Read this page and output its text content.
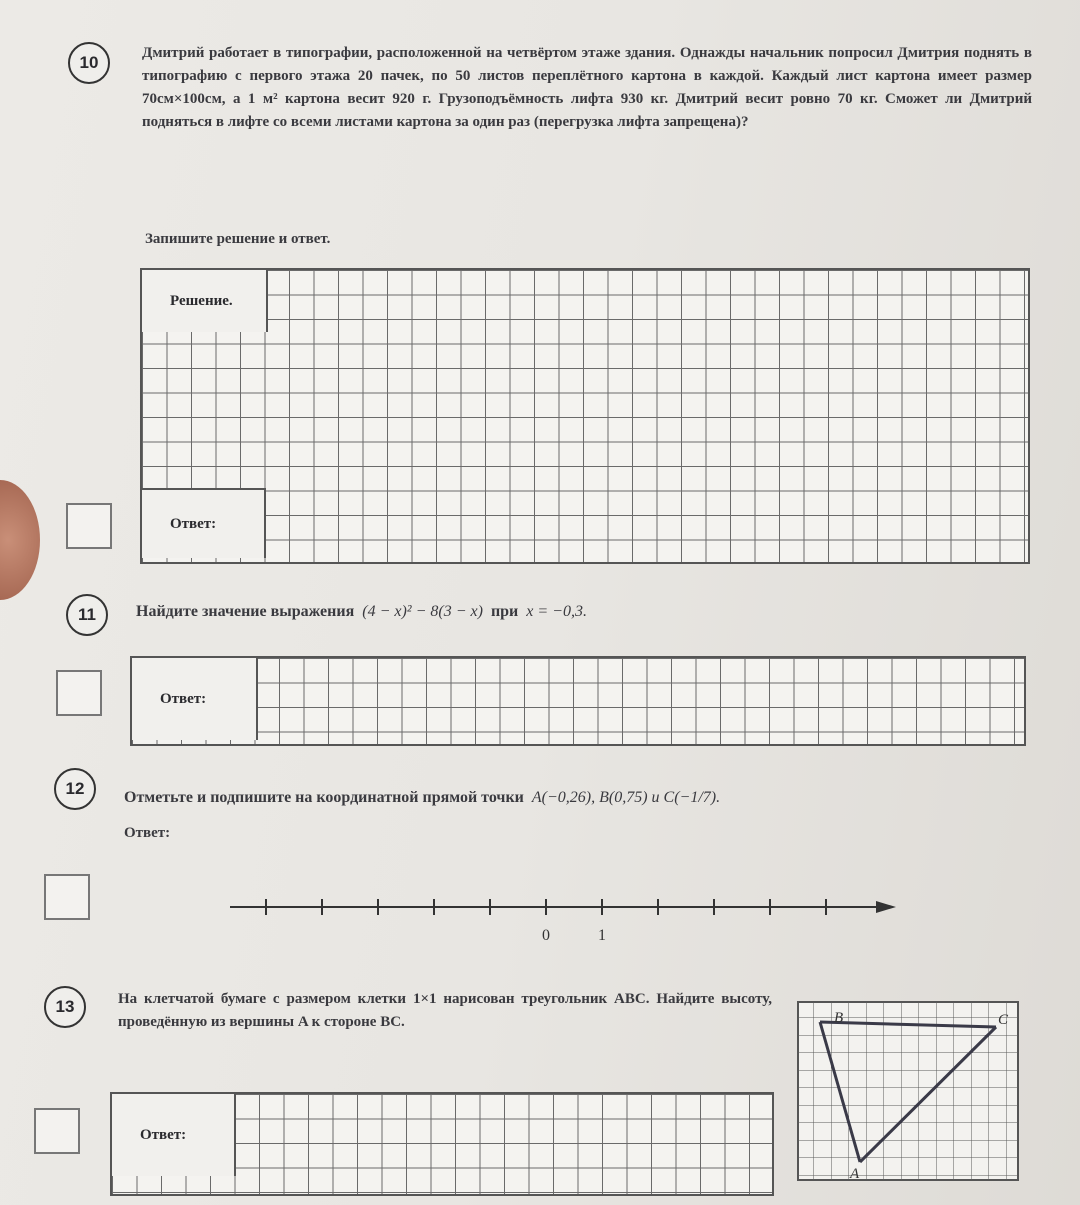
10	Дмитрий работает в типографии, расположенной на четвёртом этаже здания. Однажды начальник попросил Дмитрия поднять в типографию с первого этажа 20 пачек, по 50 листов переплётного картона в каждой. Каждый лист картона имеет размер 70см×100см, а 1 м² картона весит 920 г. Грузоподъёмность лифта 930 кг. Дмитрий весит ровно 70 кг. Сможет ли Дмитрий подняться в лифте со всеми листами картона за один раз (перегрузка лифта запрещена)?
Запишите решение и ответ.
Решение.
Ответ:
11	Найдите значение выражения (4 − x)² − 8(3 − x) при x = −0,3.
Ответ:
12 Отметьте и подпишите на координатной прямой точки A(−0,26), B(0,75) и C(−1/7).
Ответ:
0	1
13	На клетчатой бумаге с размером клетки 1×1 нарисован треугольник ABC. Найдите высоту, проведённую из вершины A к стороне BC.
Ответ:
B	C
A
